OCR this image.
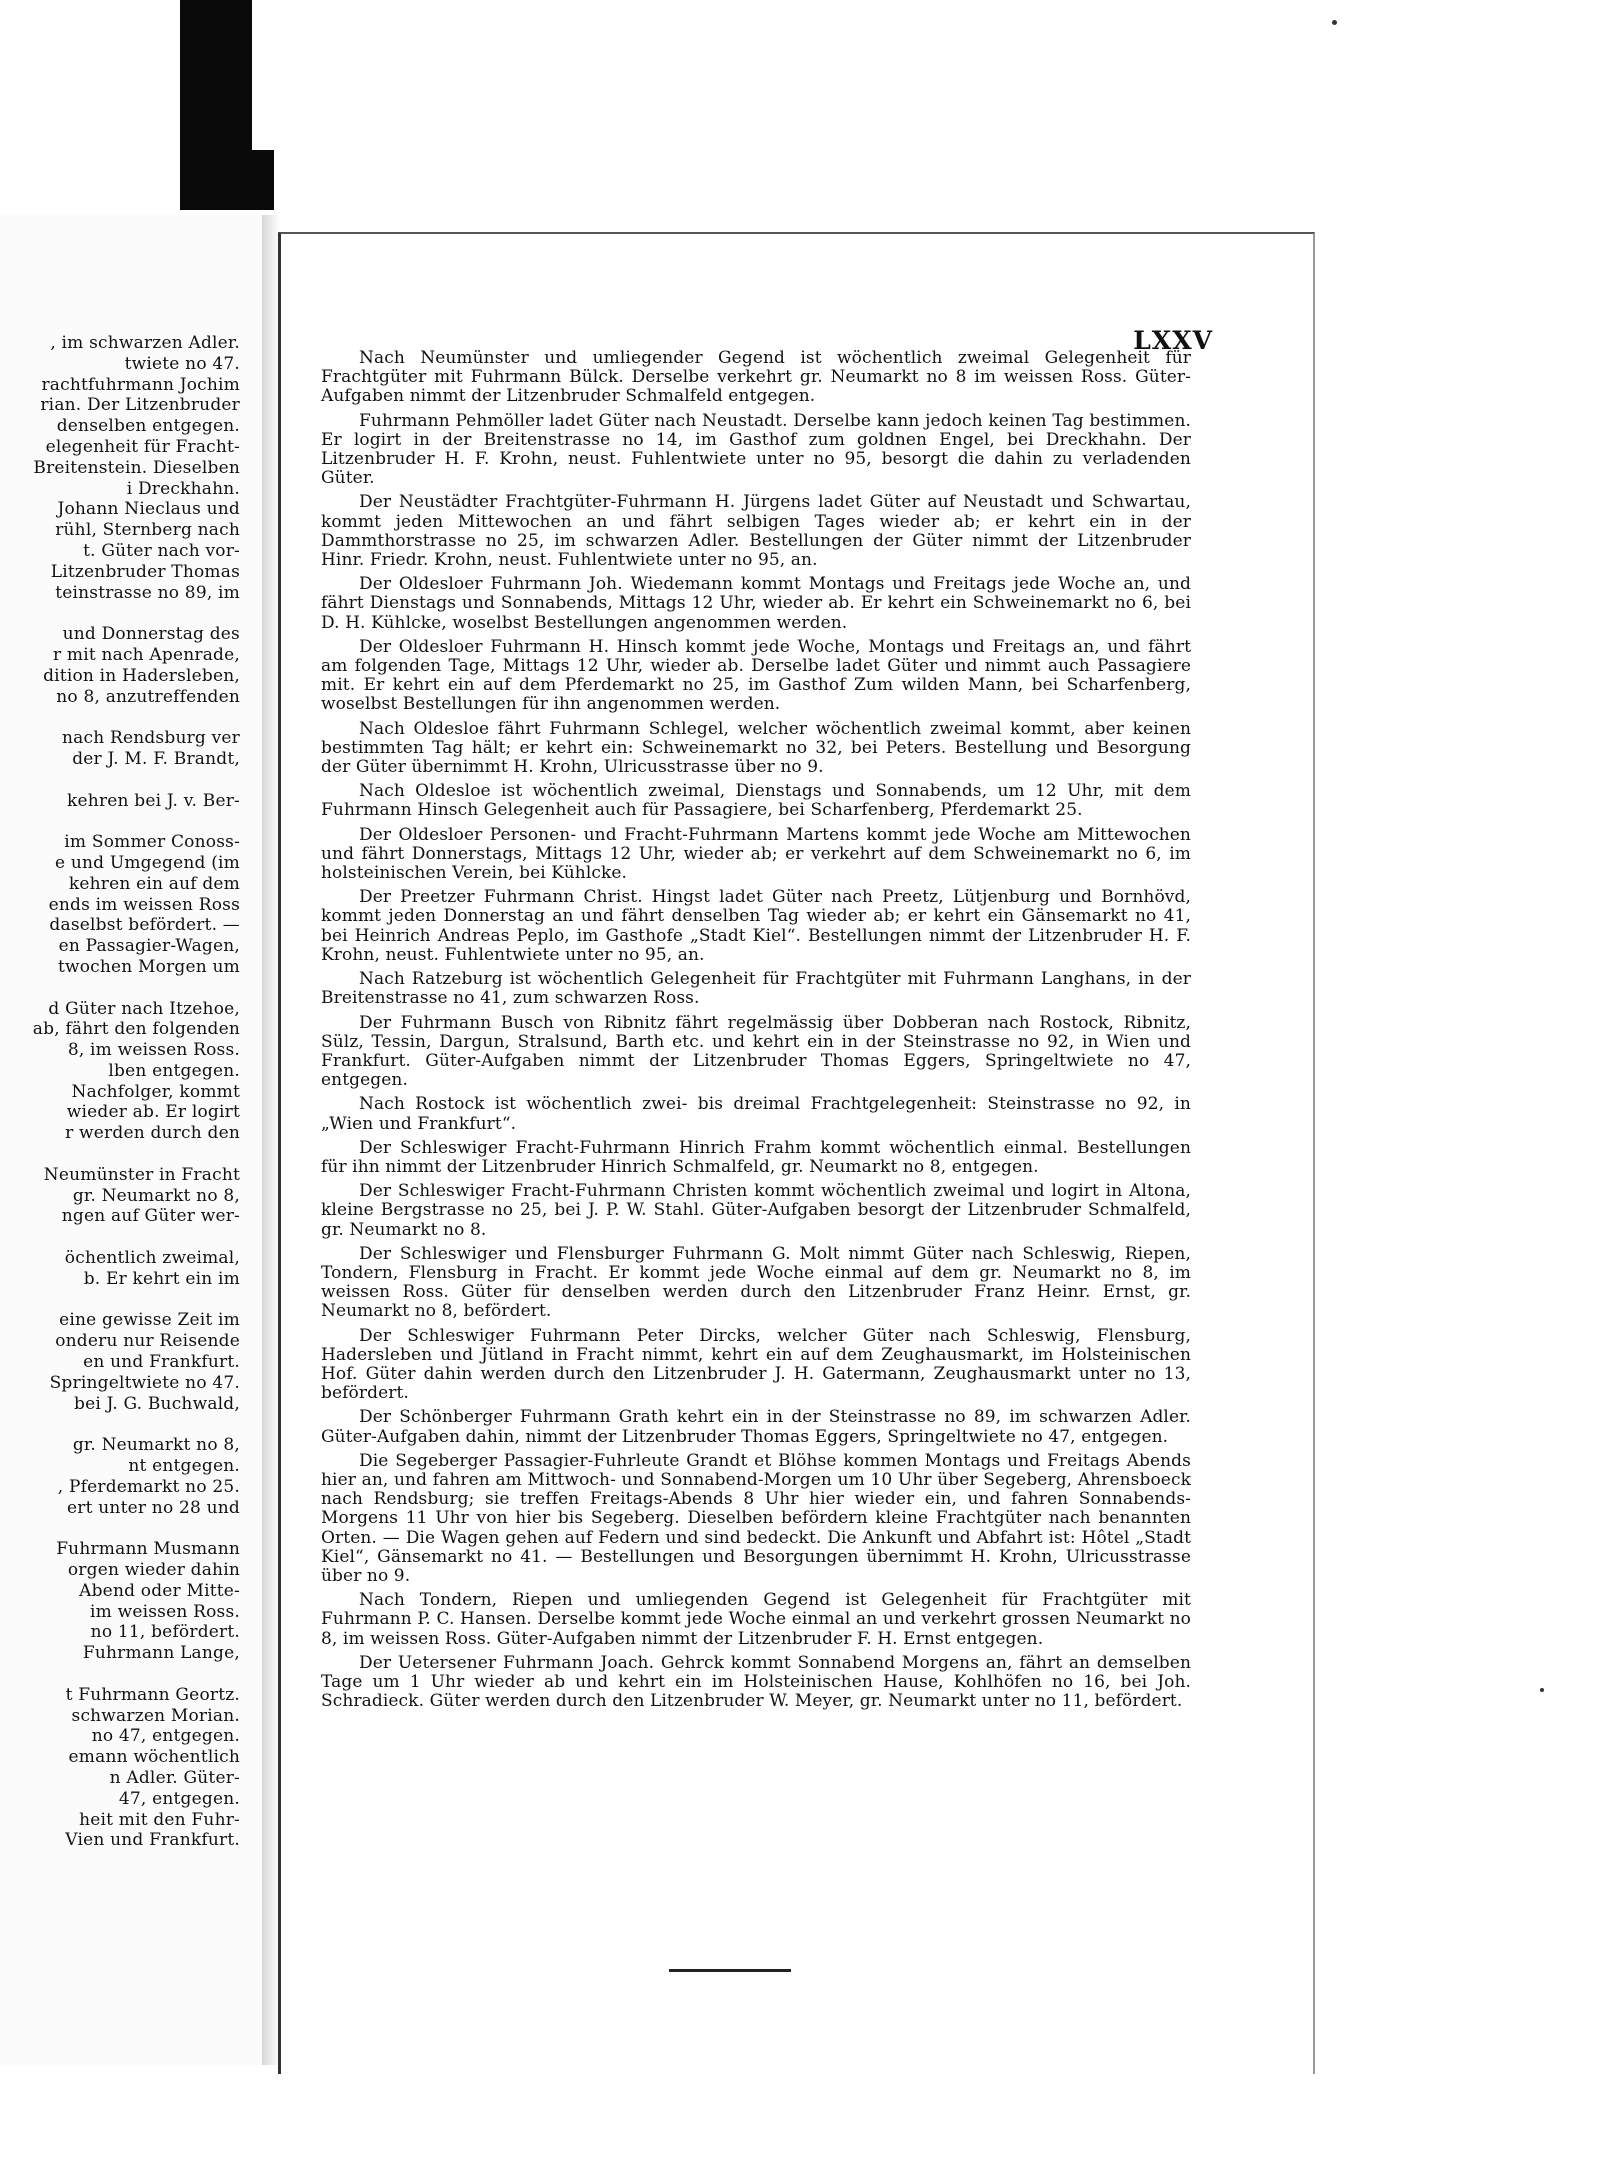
, im schwarzen Adler.
twiete no 47.
rachtfuhrmann Jochim
rian. Der Litzenbruder
denselben entgegen.
elegenheit für Fracht-
Breitenstein. Dieselben
i Dreckhahn.
Johann Nieclaus und
rühl, Sternberg nach
t. Güter nach vor-
Litzenbruder Thomas
teinstrasse no 89, im
und Donnerstag des
r mit nach Apenrade,
dition in Hadersleben,
no 8, anzutreffenden
nach Rendsburg ver
der J. M. F. Brandt,
kehren bei J. v. Ber-
im Sommer Conoss-
e und Umgegend (im
kehren ein auf dem
ends im weissen Ross
daselbst befördert. —
en Passagier-Wagen,
twochen Morgen um
d Güter nach Itzehoe,
ab, fährt den folgenden
8, im weissen Ross.
lben entgegen.
Nachfolger, kommt
wieder ab. Er logirt
r werden durch den
Neumünster in Fracht
gr. Neumarkt no 8,
ngen auf Güter wer-
öchentlich zweimal,
b. Er kehrt ein im
eine gewisse Zeit im
onderu nur Reisende
en und Frankfurt.
Springeltwiete no 47.
bei J. G. Buchwald,
gr. Neumarkt no 8,
nt entgegen.
, Pferdemarkt no 25.
ert unter no 28 und
Fuhrmann Musmann
orgen wieder dahin
Abend oder Mitte-
im weissen Ross.
no 11, befördert.
Fuhrmann Lange,
t Fuhrmann Geortz.
schwarzen Morian.
no 47, entgegen.
emann wöchentlich
n Adler. Güter-
47, entgegen.
heit mit den Fuhr-
Vien und Frankfurt.
LXXV

Nach Neumünster und umliegender Gegend ist wöchentlich zweimal Gelegenheit für Frachtgüter mit Fuhrmann Bülck. Derselbe verkehrt gr. Neumarkt no 8 im weissen Ross. Güter-Aufgaben nimmt der Litzenbruder Schmalfeld entgegen.

Fuhrmann Pehmöller ladet Güter nach Neustadt. Derselbe kann jedoch keinen Tag bestimmen. Er logirt in der Breitenstrasse no 14, im Gasthof zum goldnen Engel, bei Dreckhahn. Der Litzenbruder H. F. Krohn, neust. Fuhlentwiete unter no 95, besorgt die dahin zu verladenden Güter.

Der Neustädter Frachtgüter-Fuhrmann H. Jürgens ladet Güter auf Neustadt und Schwartau, kommt jeden Mittewochen an und fährt selbigen Tages wieder ab; er kehrt ein in der Dammthorstrasse no 25, im schwarzen Adler. Bestellungen der Güter nimmt der Litzenbruder Hinr. Friedr. Krohn, neust. Fuhlentwiete unter no 95, an.

Der Oldesloer Fuhrmann Joh. Wiedemann kommt Montags und Freitags jede Woche an, und fährt Dienstags und Sonnabends, Mittags 12 Uhr, wieder ab. Er kehrt ein Schweinemarkt no 6, bei D. H. Kühlcke, woselbst Bestellungen angenommen werden.

Der Oldesloer Fuhrmann H. Hinsch kommt jede Woche, Montags und Freitags an, und fährt am folgenden Tage, Mittags 12 Uhr, wieder ab. Derselbe ladet Güter und nimmt auch Passagiere mit. Er kehrt ein auf dem Pferdemarkt no 25, im Gasthof Zum wilden Mann, bei Scharfenberg, woselbst Bestellungen für ihn angenommen werden.

Nach Oldesloe fährt Fuhrmann Schlegel, welcher wöchentlich zweimal kommt, aber keinen bestimmten Tag hält; er kehrt ein: Schweinemarkt no 32, bei Peters. Bestellung und Besorgung der Güter übernimmt H. Krohn, Ulricusstrasse über no 9.

Nach Oldesloe ist wöchentlich zweimal, Dienstags und Sonnabends, um 12 Uhr, mit dem Fuhrmann Hinsch Gelegenheit auch für Passagiere, bei Scharfenberg, Pferdemarkt 25.

Der Oldesloer Personen- und Fracht-Fuhrmann Martens kommt jede Woche am Mittewochen und fährt Donnerstags, Mittags 12 Uhr, wieder ab; er verkehrt auf dem Schweinemarkt no 6, im holsteinischen Verein, bei Kühlcke.

Der Preetzer Fuhrmann Christ. Hingst ladet Güter nach Preetz, Lütjenburg und Bornhövd, kommt jeden Donnerstag an und fährt denselben Tag wieder ab; er kehrt ein Gänsemarkt no 41, bei Heinrich Andreas Peplo, im Gasthofe „Stadt Kiel“. Bestellungen nimmt der Litzenbruder H. F. Krohn, neust. Fuhlentwiete unter no 95, an.

Nach Ratzeburg ist wöchentlich Gelegenheit für Frachtgüter mit Fuhrmann Langhans, in der Breitenstrasse no 41, zum schwarzen Ross.

Der Fuhrmann Busch von Ribnitz fährt regelmässig über Dobberan nach Rostock, Ribnitz, Sülz, Tessin, Dargun, Stralsund, Barth etc. und kehrt ein in der Steinstrasse no 92, in Wien und Frankfurt. Güter-Aufgaben nimmt der Litzenbruder Thomas Eggers, Springeltwiete no 47, entgegen.

Nach Rostock ist wöchentlich zwei- bis dreimal Frachtgelegenheit: Steinstrasse no 92, in „Wien und Frankfurt“.

Der Schleswiger Fracht-Fuhrmann Hinrich Frahm kommt wöchentlich einmal. Bestellungen für ihn nimmt der Litzenbruder Hinrich Schmalfeld, gr. Neumarkt no 8, entgegen.

Der Schleswiger Fracht-Fuhrmann Christen kommt wöchentlich zweimal und logirt in Altona, kleine Bergstrasse no 25, bei J. P. W. Stahl. Güter-Aufgaben besorgt der Litzenbruder Schmalfeld, gr. Neumarkt no 8.

Der Schleswiger und Flensburger Fuhrmann G. Molt nimmt Güter nach Schleswig, Riepen, Tondern, Flensburg in Fracht. Er kommt jede Woche einmal auf dem gr. Neumarkt no 8, im weissen Ross. Güter für denselben werden durch den Litzenbruder Franz Heinr. Ernst, gr. Neumarkt no 8, befördert.

Der Schleswiger Fuhrmann Peter Dircks, welcher Güter nach Schleswig, Flensburg, Hadersleben und Jütland in Fracht nimmt, kehrt ein auf dem Zeughausmarkt, im Holsteinischen Hof. Güter dahin werden durch den Litzenbruder J. H. Gatermann, Zeughausmarkt unter no 13, befördert.

Der Schönberger Fuhrmann Grath kehrt ein in der Steinstrasse no 89, im schwarzen Adler. Güter-Aufgaben dahin, nimmt der Litzenbruder Thomas Eggers, Springeltwiete no 47, entgegen.

Die Segeberger Passagier-Fuhrleute Grandt et Blöhse kommen Montags und Freitags Abends hier an, und fahren am Mittwoch- und Sonnabend-Morgen um 10 Uhr über Segeberg, Ahrensboeck nach Rendsburg; sie treffen Freitags-Abends 8 Uhr hier wieder ein, und fahren Sonnabends-Morgens 11 Uhr von hier bis Segeberg. Dieselben befördern kleine Frachtgüter nach benannten Orten. — Die Wagen gehen auf Federn und sind bedeckt. Die Ankunft und Abfahrt ist: Hôtel „Stadt Kiel“, Gänsemarkt no 41. — Bestellungen und Besorgungen übernimmt H. Krohn, Ulricusstrasse über no 9.

Nach Tondern, Riepen und umliegenden Gegend ist Gelegenheit für Frachtgüter mit Fuhrmann P. C. Hansen. Derselbe kommt jede Woche einmal an und verkehrt grossen Neumarkt no 8, im weissen Ross. Güter-Aufgaben nimmt der Litzenbruder F. H. Ernst entgegen.

Der Uetersener Fuhrmann Joach. Gehrck kommt Sonnabend Morgens an, fährt an demselben Tage um 1 Uhr wieder ab und kehrt ein im Holsteinischen Hause, Kohlhöfen no 16, bei Joh. Schradieck. Güter werden durch den Litzenbruder W. Meyer, gr. Neumarkt unter no 11, befördert.
